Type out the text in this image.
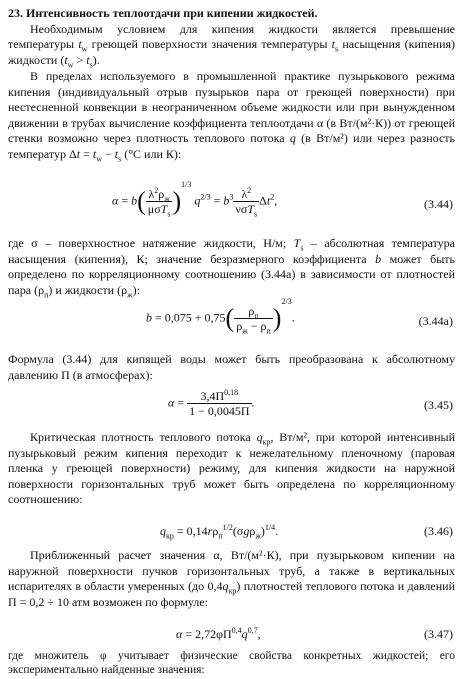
23. Интенсивность теплоотдачи при кипении жидкостей.
Необходимым условием для кипения жидкости является превышение температуры $t_w$ греющей поверхности значения температуры $t_s$ насыщения (кипения) жидкости $(t_w > t_s)$.
В пределах используемого в промышленной практике пузырькового режима кипения (индивидуальный отрыв пузырьков пара от греющей поверхности) при нестесненной конвекции в неограниченном объеме жидкости или при вынужденном движении в трубах вычисление коэффициента теплоотдачи α (в Вт/(м²·К)) от греющей стенки возможно через плотность теплового потока q (в Вт/м²) или через разность температур $\Delta t = t_w - t_s$ (°С или К):
$\alpha = b( \frac{\lambda^2\rho_ж}{\mu\sigma T_s} )^{1/3}$ $q^{2/3} = b^3 \frac{\lambda^2}{\nu\sigma T_s} \Delta t^2$,	(3.44)
где σ – поверхностное натяжение жидкости, Н/м; $T_s$ – абсолютная температура насыщения (кипения), К; значение безразмерного коэффициента b может быть определено по корреляционному соотношению (3.44а) в зависимости от плотностей пара $(\rho_п)$ и жидкости $(\rho_ж)$:
$b = 0,075 + 0,75( \frac{\rho_п}{\rho_ж - \rho_п} )^{2/3}$.	(3.44а)
Формула (3.44) для кипящей воды может быть преобразована к абсолютному давлению П (в атмосферах):
$\alpha = \frac{3,4П^{0,18}}{1 - 0,0045П}$ .	(3.45)
Критическая плотность теплового потока $q_{кр}$, Вт/м², при которой интенсивный пузырьковый режим кипения переходит к нежелательному пленочному (паровая пленка у греющей поверхности) режиму, для кипения жидкости на наружной поверхности горизонтальных труб может быть определена по корреляционному соотношению:
$q_{кр} = 0,14r\rho_п^{1/2}(\sigma g\rho_ж)^{1/4}$.	(3.46)
Приближенный расчет значения α, Вт/(м²·К), при пузырьковом кипении на наружной поверхности пучков горизонтальных труб, а также в вертикальных испарителях в области умеренных (до $0,4q_{кр}$) плотностей теплового потока и давлений П = 0,2 ÷ 10 атм возможен по формуле:
$\alpha = 2,72\varphi П^{0,4}q^{0,7}$,	(3.47)
где множитель φ учитывает физические свойства конкретных жидкостей; его экспериментально найденные значения:
